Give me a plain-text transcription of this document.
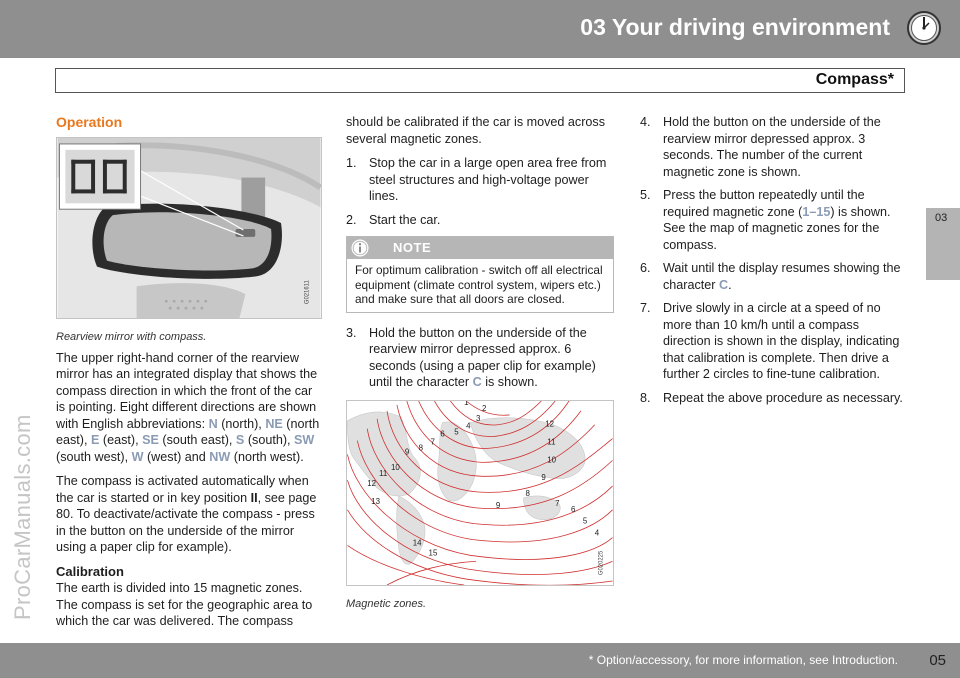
03 Your driving environment
Compass*
03
ProCarManuals.com
Operation
G021611
Rearview mirror with compass.

The upper right-hand corner of the rearview mirror has an integrated display that shows the compass direction in which the front of the car is pointing. Eight different directions are shown with English abbreviations: N (north), NE (north east), E (east), SE (south east), S (south), SW (south west), W (west) and NW (north west).

The compass is activated automatically when the car is started or in key position II, see page 80. To deactivate/activate the compass - press in the button on the underside of the mirror using a paper clip for example).

Calibration

The earth is divided into 15 magnetic zones. The compass is set for the geographic area to which the car was delivered. The compass

should be calibrated if the car is moved across several magnetic zones.

1. Stop the car in a large open area free from steel structures and high-voltage power lines.
2. Start the car.
NOTE
For optimum calibration - switch off all electrical equipment (climate control system, wipers etc.) and make sure that all doors are closed.
3. Hold the button on the underside of the rearview mirror depressed approx. 6 seconds (using a paper clip for example) until the character C is shown.
1
2
3
4
5
6
7
8
9
10
11
12
13
14
15
12
11
10
9
8
7
6
5
4
9
G020225
Magnetic zones.
4. Hold the button on the underside of the rearview mirror depressed approx. 3 seconds. The number of the current magnetic zone is shown.
5. Press the button repeatedly until the required magnetic zone (1–15) is shown. See the map of magnetic zones for the compass.
6. Wait until the display resumes showing the character C.
7. Drive slowly in a circle at a speed of no more than 10 km/h until a compass direction is shown in the display, indicating that calibration is complete. Then drive a further 2 circles to fine-tune calibration.
8. Repeat the above procedure as necessary.
* Option/accessory, for more information, see Introduction. 05
